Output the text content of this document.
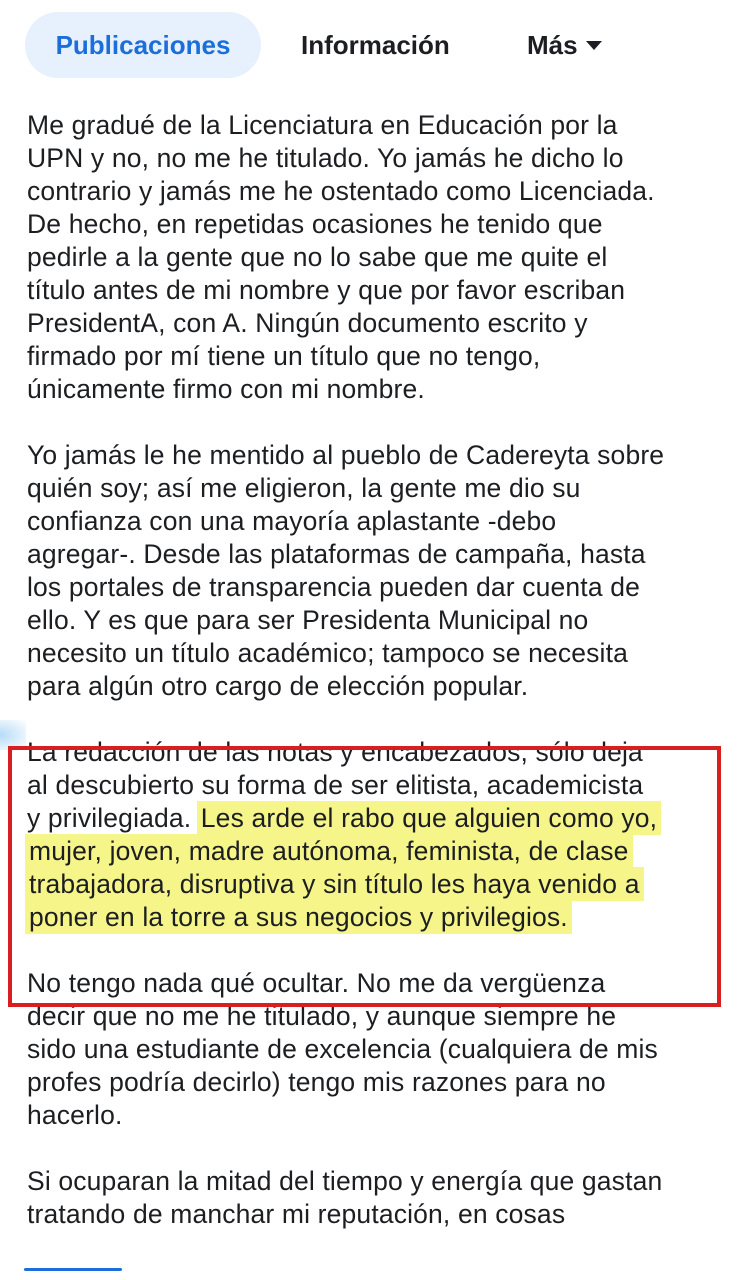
Publicaciones	Información	Más
Me gradué de la Licenciatura en Educación por la
UPN y no, no me he titulado. Yo jamás he dicho lo
contrario y jamás me he ostentado como Licenciada.
De hecho, en repetidas ocasiones he tenido que
pedirle a la gente que no lo sabe que me quite el
título antes de mi nombre y que por favor escriban
PresidentA, con A. Ningún documento escrito y
firmado por mí tiene un título que no tengo,
únicamente firmo con mi nombre.
Yo jamás le he mentido al pueblo de Cadereyta sobre
quién soy; así me eligieron, la gente me dio su
confianza con una mayoría aplastante -debo
agregar-. Desde las plataformas de campaña, hasta
los portales de transparencia pueden dar cuenta de
ello. Y es que para ser Presidenta Municipal no
necesito un título académico; tampoco se necesita
para algún otro cargo de elección popular.
La redacción de las notas y encabezados, sólo deja
al descubierto su forma de ser elitista, academicista
y privilegiada. Les arde el rabo que alguien como yo,
mujer, joven, madre autónoma, feminista, de clase
trabajadora, disruptiva y sin título les haya venido a
poner en la torre a sus negocios y privilegios.
No tengo nada qué ocultar. No me da vergüenza
decir que no me he titulado, y aunque siempre he
sido una estudiante de excelencia (cualquiera de mis
profes podría decirlo) tengo mis razones para no
hacerlo.
Si ocuparan la mitad del tiempo y energía que gastan
tratando de manchar mi reputación, en cosas
